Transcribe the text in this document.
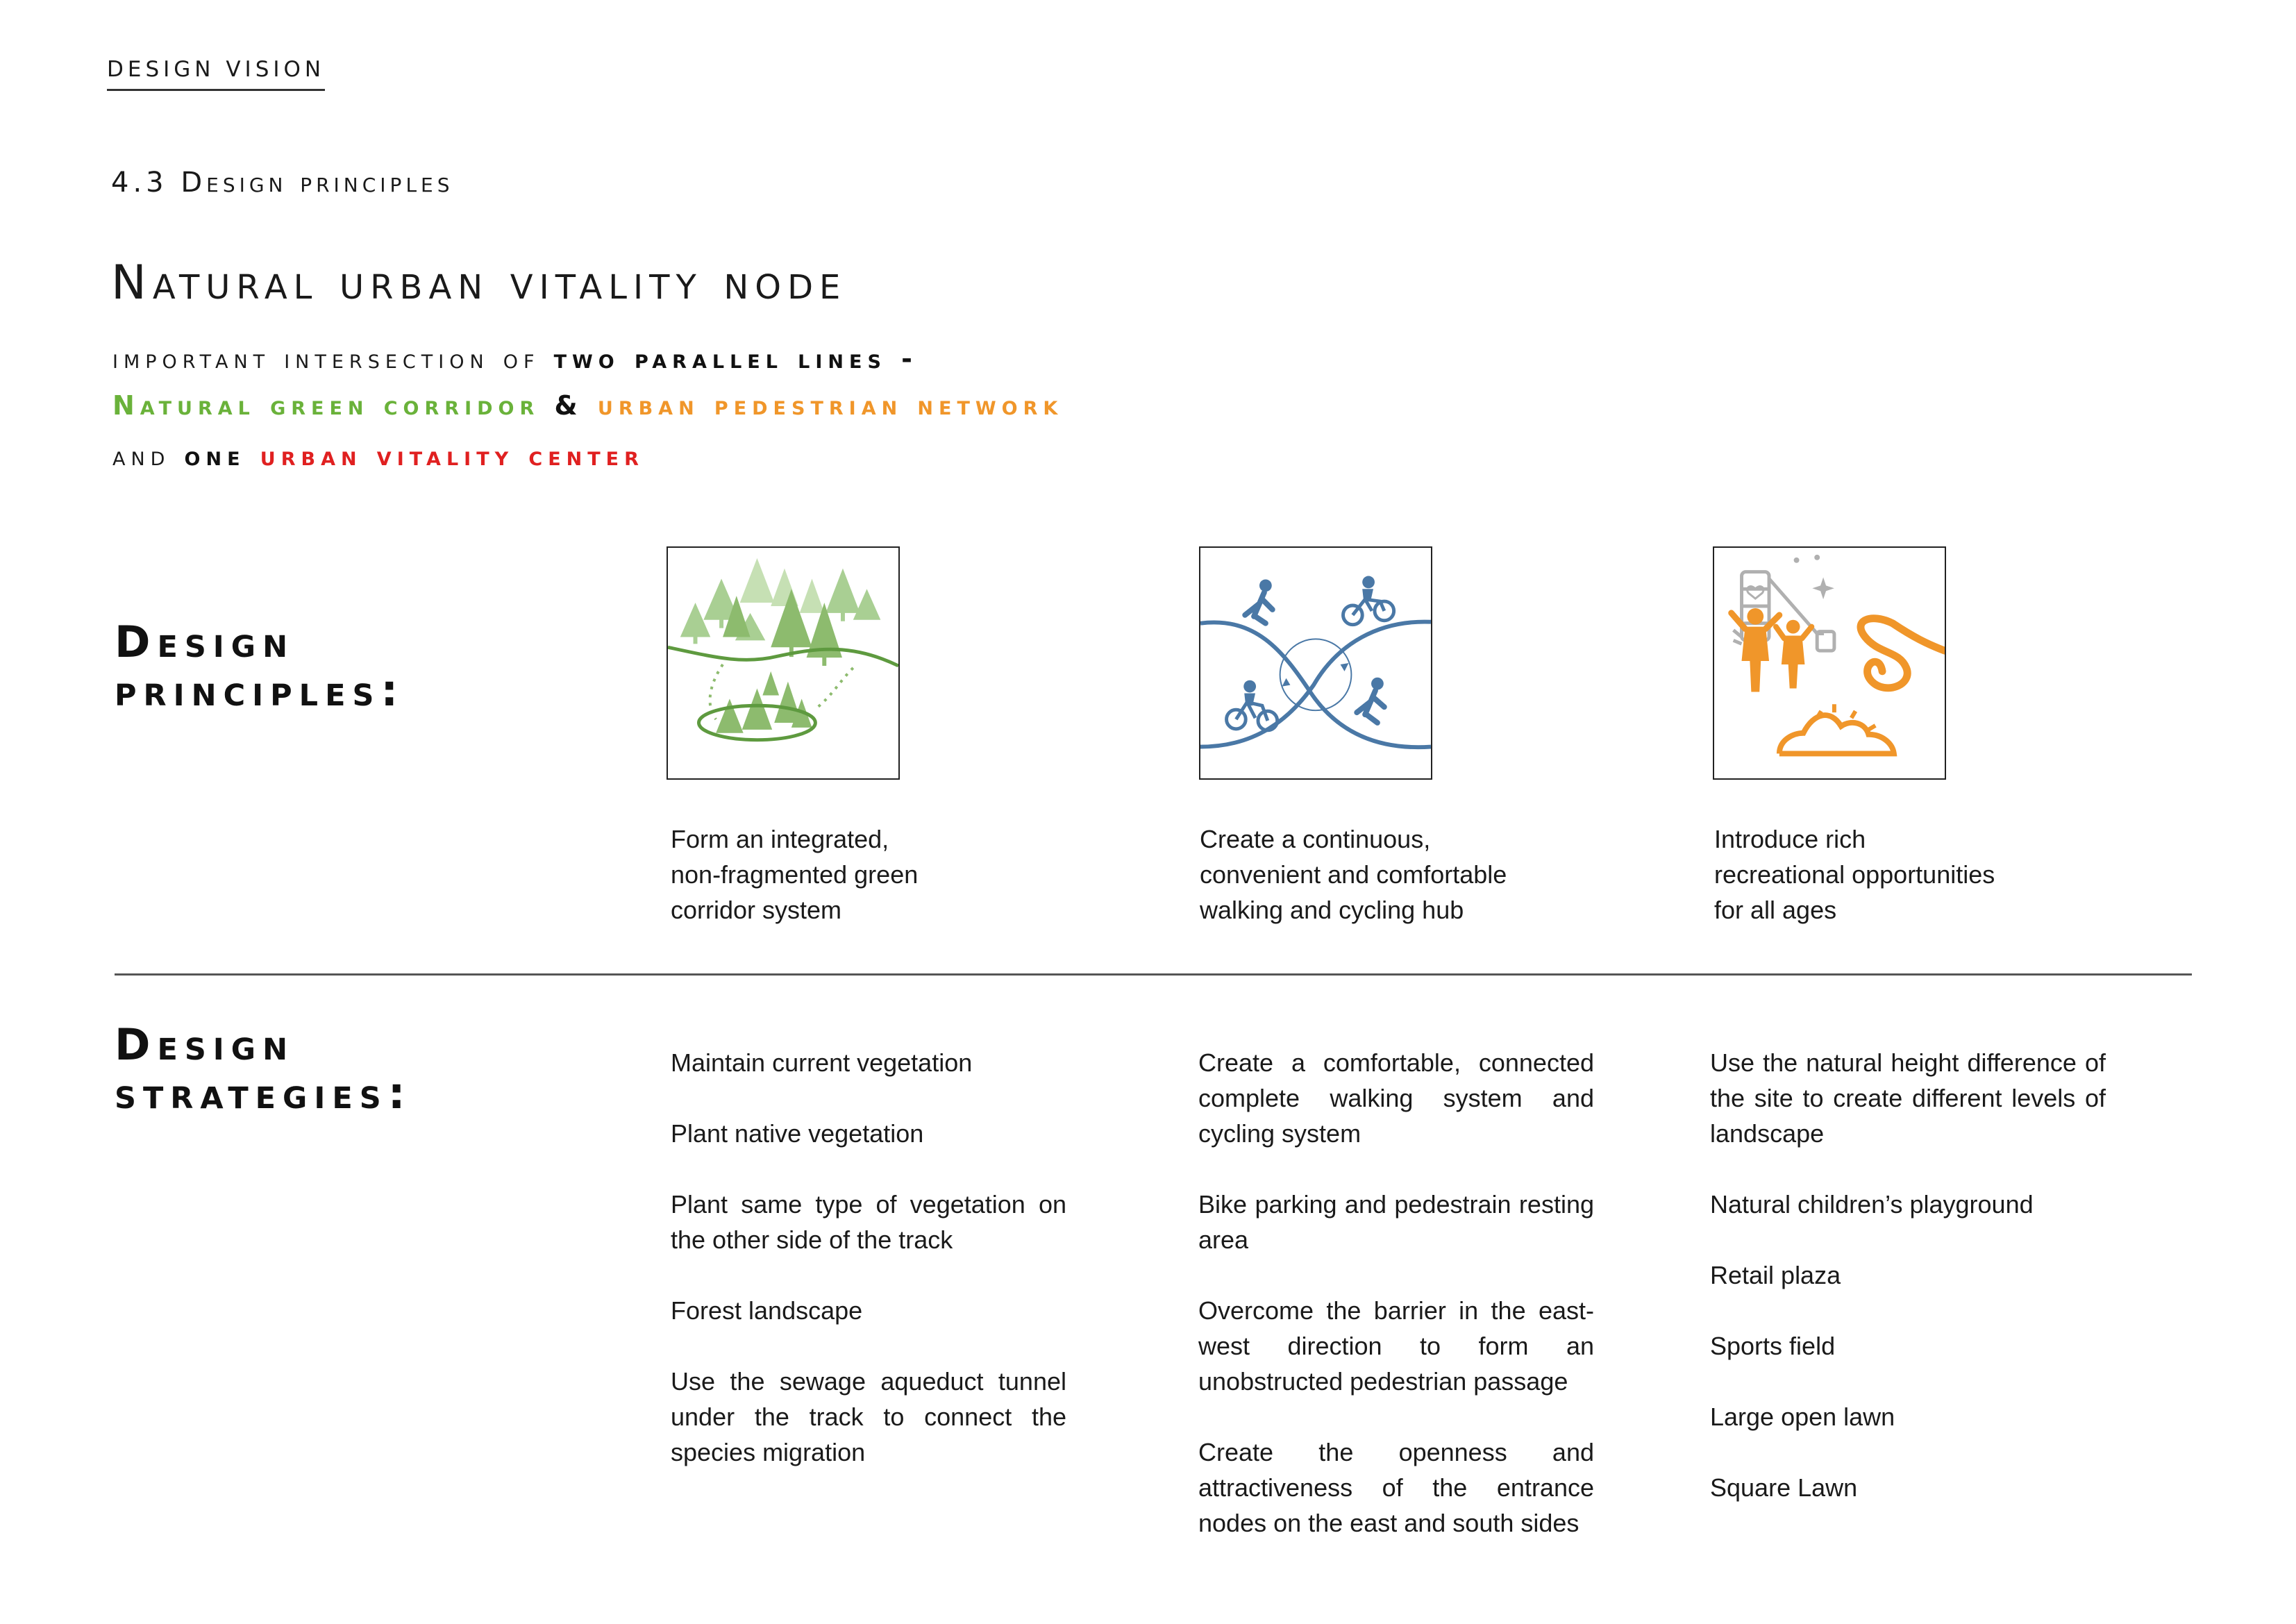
DESIGN VISION
4.3 Design principles
Natural urban vitality node
important intersection of two parallel lines -
Natural green corridor & urban pedestrian network
and one urban vitality center
Design
principles:
Form an integrated,
non-fragmented green
corridor system
Create a continuous,
convenient and comfortable
walking and cycling hub
Introduce rich
recreational opportunities
for all ages
Design
strategies:
Maintain current vegetation
Plant native vegetation
Plant same type of vegetation on the other side of the track
Forest landscape
Use the sewage aqueduct tunnel under the track to connect the species migration
Create a comfortable, connected complete walking system and cycling system
Bike parking and pedestrain resting area
Overcome the barrier in the east-west direction to form an unobstructed pedestrian passage
Create the openness and attractiveness of the entrance nodes on the east and south sides
Use the natural height difference of the site to create different levels of landscape
Natural children’s playground
Retail plaza
Sports field
Large open lawn
Square Lawn
